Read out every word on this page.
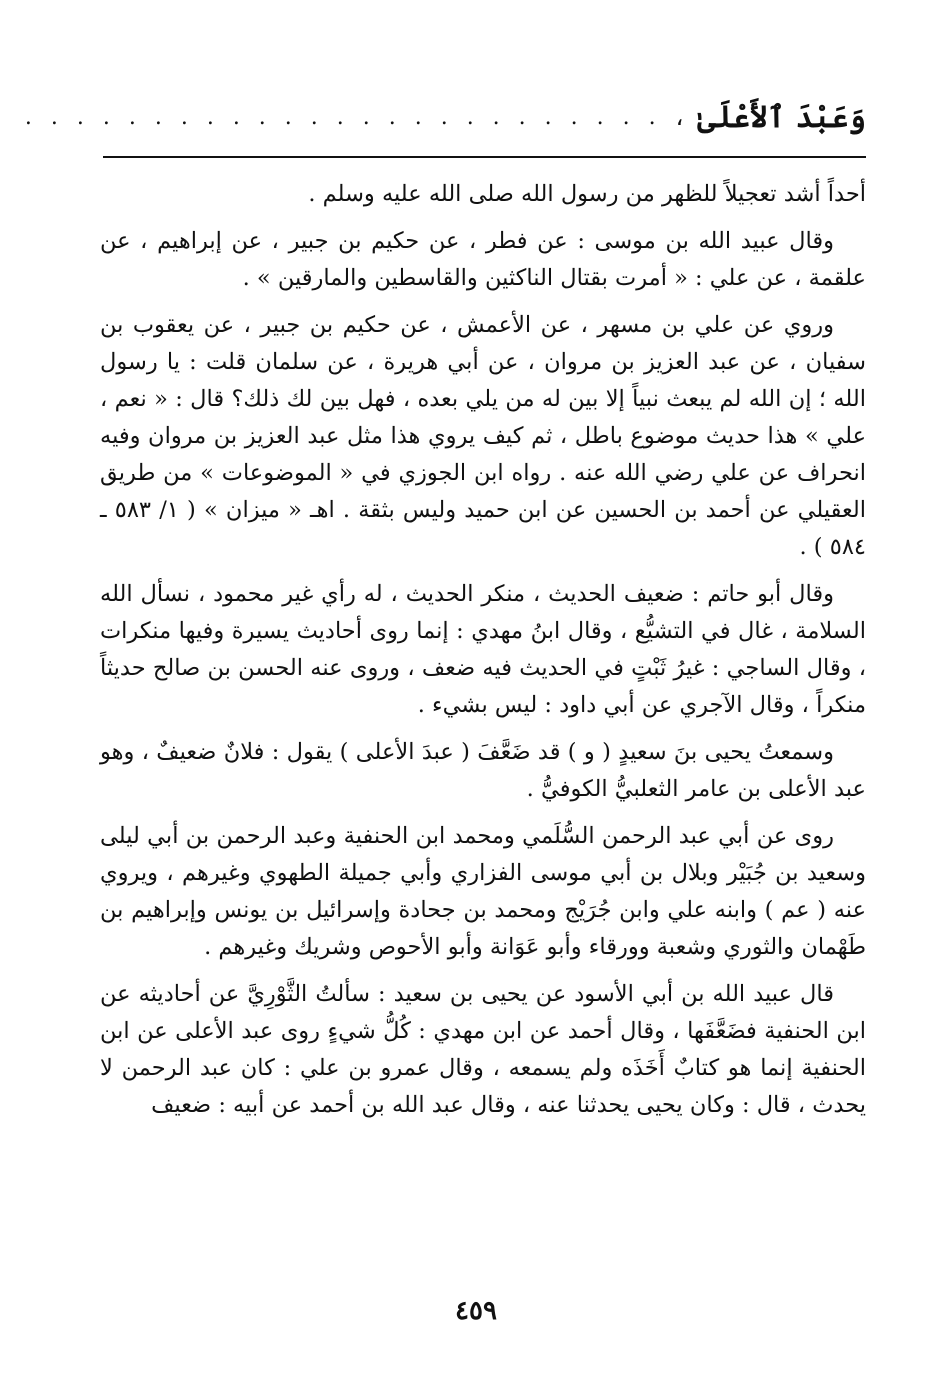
وَعَبْدَ ٱلأَعْلَىٰ
،
. . . . . . . . . . . . . . . . . . . . . . . . .

أحداً أشد تعجيلاً للظهر من رسول الله صلى الله عليه وسلم .

وقال عبيد الله بن موسى : عن فطر ، عن حكيم بن جبير ، عن إبراهيم ، عن علقمة ، عن علي : « أمرت بقتال الناكثين والقاسطين والمارقين » .

وروي عن علي بن مسهر ، عن الأعمش ، عن حكيم بن جبير ، عن يعقوب بن سفيان ، عن عبد العزيز بن مروان ، عن أبي هريرة ، عن سلمان قلت : يا رسول الله ؛ إن الله لم يبعث نبياً إلا بين له من يلي بعده ، فهل بين لك ذلك؟ قال : « نعم ، علي » هذا حديث موضوع باطل ، ثم كيف يروي هذا مثل عبد العزيز بن مروان وفيه انحراف عن علي رضي الله عنه . رواه ابن الجوزي في « الموضوعات » من طريق العقيلي عن أحمد بن الحسين عن ابن حميد وليس بثقة . اهـ « ميزان » ( ١/ ٥٨٣ ـ ٥٨٤ ) .

وقال أبو حاتم : ضعيف الحديث ، منكر الحديث ، له رأي غير محمود ، نسأل الله السلامة ، غال في التشيُّع ، وقال ابنُ مهدي : إنما روى أحاديث يسيرة وفيها منكرات ، وقال الساجي : غيرُ ثَبْتٍ في الحديث فيه ضعف ، وروى عنه الحسن بن صالح حديثاً منكراً ، وقال الآجري عن أبي داود : ليس بشيء .

وسمعتُ يحيى بنَ سعيدٍ ( و ) قد ضَعَّفَ ( عبدَ الأعلى ) يقول : فلانٌ ضعيفٌ ، وهو عبد الأعلى بن عامر الثعلبيُّ الكوفيُّ .

روى عن أبي عبد الرحمن السُّلَمي ومحمد ابن الحنفية وعبد الرحمن بن أبي ليلى وسعيد بن جُبَيْر وبلال بن أبي موسى الفزاري وأبي جميلة الطهوي وغيرهم ، ويروي عنه ( عم ) وابنه علي وابن جُرَيْج ومحمد بن جحادة وإسرائيل بن يونس وإبراهيم بن طَهْمان والثوري وشعبة وورقاء وأبو عَوَانة وأبو الأحوص وشريك وغيرهم .

قال عبيد الله بن أبي الأسود عن يحيى بن سعيد : سألتُ الثَّوْرِيَّ عن أحاديثه عن ابن الحنفية فضَعَّفَها ، وقال أحمد عن ابن مهدي : كُلُّ شيءٍ روى عبد الأعلى عن ابن الحنفية إنما هو كتابٌ أَخَذَه ولم يسمعه ، وقال عمرو بن علي : كان عبد الرحمن لا يحدث ، قال : وكان يحيى يحدثنا عنه ، وقال عبد الله بن أحمد عن أبيه : ضعيف

٤٥٩
